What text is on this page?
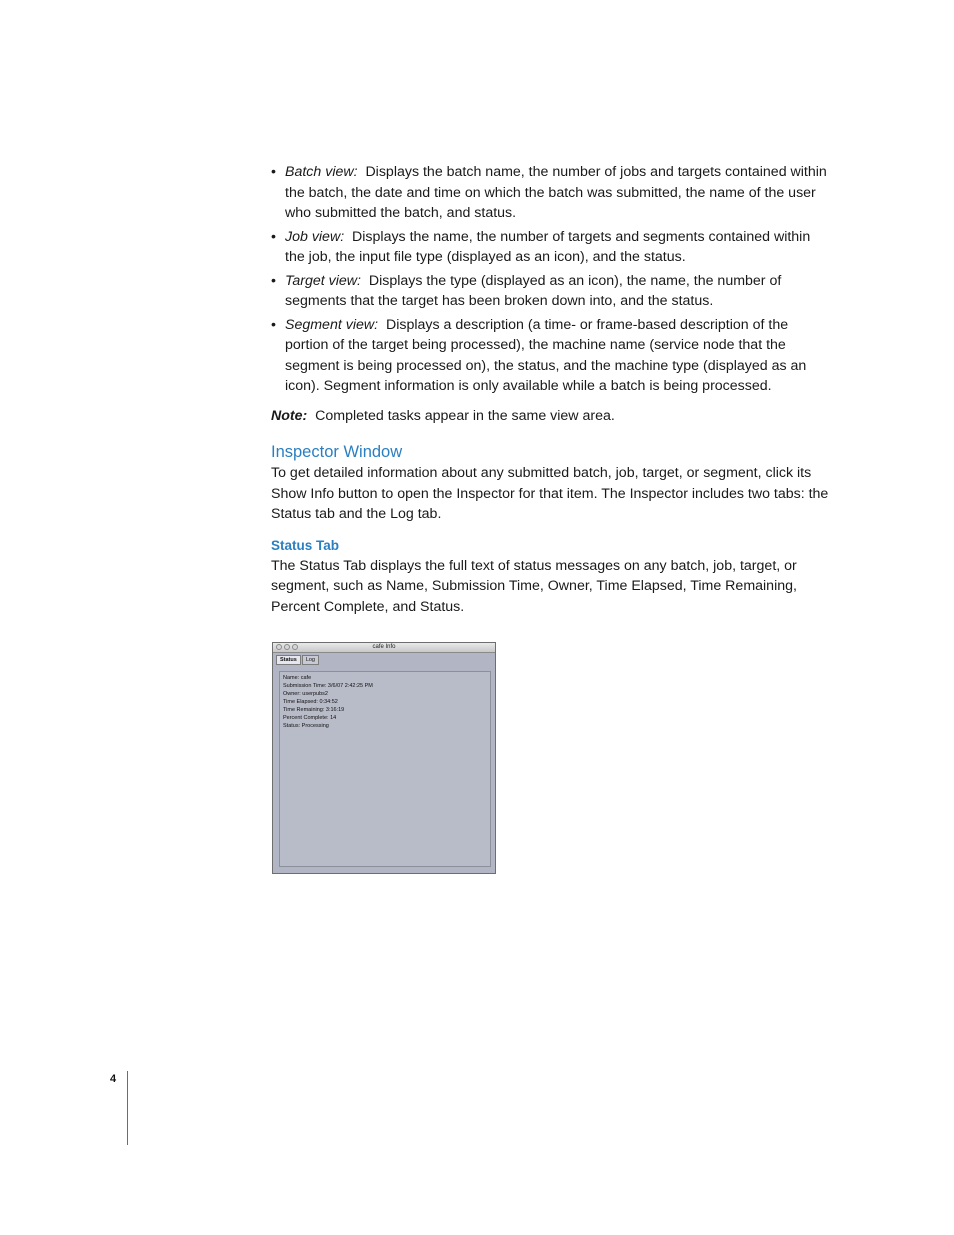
• Batch view: Displays the batch name, the number of jobs and targets contained within the batch, the date and time on which the batch was submitted, the name of the user who submitted the batch, and status.
• Job view: Displays the name, the number of targets and segments contained within the job, the input file type (displayed as an icon), and the status.
• Target view: Displays the type (displayed as an icon), the name, the number of segments that the target has been broken down into, and the status.
• Segment view: Displays a description (a time- or frame-based description of the portion of the target being processed), the machine name (service node that the segment is being processed on), the status, and the machine type (displayed as an icon). Segment information is only available while a batch is being processed.

Note: Completed tasks appear in the same view area.

Inspector Window

To get detailed information about any submitted batch, job, target, or segment, click its Show Info button to open the Inspector for that item. The Inspector includes two tabs: the Status tab and the Log tab.

Status Tab

The Status Tab displays the full text of status messages on any batch, job, target, or segment, such as Name, Submission Time, Owner, Time Elapsed, Time Remaining, Percent Complete, and Status.

cafe Info
Status	Log
Name: cafe
Submission Time: 3/6/07 2:42:25 PM
Owner: userpubs2
Time Elapsed: 0:34:52
Time Remaining: 3:16:19
Percent Complete: 14
Status: Processing
4
